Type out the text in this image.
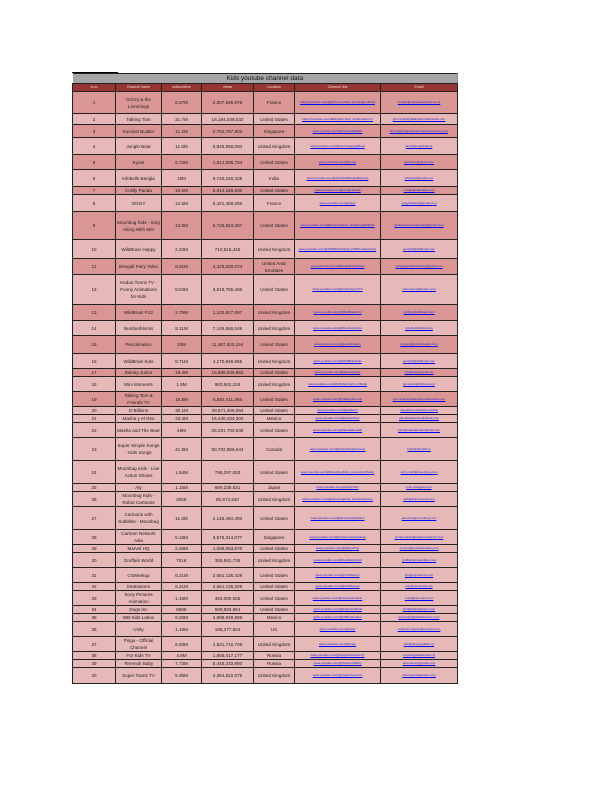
Kids youtube channel data						
s.no	Channel name	subscribers	views	Location	Channel link	Email
1	Grizzy & the Lemmings	8.37M	2,507,646,976	France	https://youtube.com/@grizzy-and-the-lemmings-official	contact@cartoonnetwork.co.uk
2	Talking Tom	31.7M	16,184,039,032	United States	https://youtube.com/talkingtom?sub_confirmation=1	john.smith@talkingtomandfriends.com
3	Survival Builder	11.2M	2,764,767,903	Singapore	www.youtube.com/@SurvivalBuilder	brutee@imageplusanimationacademy.com
4	Jungle Beat	11.6M	5,846,856,094	United Kingdom	www.youtube.com/@SunrisejungleBeat	jane@junglebeat.tv
5	Kyoot	5.74M	1,814,595,754	United States	www.youtube.com/@Kyoot	kyootpoc@gmail.com
6	Infobells Bangla	19M	9,740,240,425	India	www.youtube.com/@InfobellsBanglaRhymes	infobells@gmail.com
7	Crafty Panda	19.5M	5,812,226,830	United States	www.youtube.com/@CraftyPanda	info@pandacrafty.com
8	OGGY	12.5M	6,421,459,056	France	www.youtube.com/@oggy	oggyhawkins@gmail.com
9	Moonbug Kids - Sing Along With Me!	13.9M	5,725,843,357	United States	www.youtube.com/@MoonbugKids_SingAlongWithMe	thefunvaluecompanykb@gmail.com
10	WildBrain Happy	2.34M	710,516,445	United Kingdom	www.youtube.com/@WildBrainHappy 2.58M subscribers	contact@wildbrain.com
11	Bengali Fairy Tales	8.91M	4,425,530,074	United Arab Emirates	www.youtube.com/@BengaliFairyTales	wingsanimationstudio@gmail.com
12	Kedoo Toons TV - Funny Animations for Kids	8.04M	3,819,765,466	United States	www.youtube.com/@KedooToonsTV	supertoons@kedoo.com
13	WildBrain Fizz	2.79M	1,100,927,697	United Kingdom	www.youtube.com/@WildBrainFizz	hellfax@wildbrain.com
14	Numberblocks	8.11M	7,149,566,046	United Kingdom	www.youtube.com/@Numberblocks	info@alphablocks.tv
15	Pencilmation	20M	11,487,623,194	United States	www.youtube.com/@pencilmation	contact@pencilmation.com
16	WildBrain Kids	8.71M	4,170,949,855	United Kingdom	www.youtube.com/@WildBrainKids	contact@wildbrain.com
17	Disney Junior	19.4M	18,868,836,863	United States	www.youtube.com/@disneyjunior	info@disneyjunior.au
18	Mini Moments	1.9M	983,902,226	United Kingdom	www.youtube.com/@MiniMoments_Official	jan.ekren@nbcuni.com
19	Talking Tom & Friends TV	15.8M	6,692,411,366	United States	www.youtube.com/@TalkingFriends	john.smith@talkingtomandfriends.com
20	D Billions	30.1M	38,671,405,064	United States	www.youtube.com/@dbillions	says@forsmdbillions.global
21	Masha y el Oso	33.4M	16,430,434,300	Mexico	www.youtube.com/@MashaOso	info.tklatartantes@gmail.com
22	Masha and The Bear	48M	28,291,700,638	United States	www.youtube.com/@MashaBearEN	john@mashabearclothing.com
23	Super Simple Songs - Kids Songs	41.8M	50,702,956,644	Canada	www.youtube.com/@SuperSimpleSongs	hello@skyship.tv
24	Moonbug Kids - Live Action Shows	1.94M	795,297,093	United States	www.youtube.com/@MoonbugKids_LiveActionShows	john.smith@moonbug.com
25	Aty	1.15M	689,238,631	Japan	www.youtube.com/@AtyDTKD	john.doe@att.com
26	Moonbug Kids - Robot Cartoons	305K	80,672,640	United Kingdom	www.youtube.com/@MoonbugKids_RobotCartoons	info@animsmania.com
27	Cartoons with Subtitles - Moonbug	11.6M	2,146,484,493	United States	www.youtube.com/@MoonbugSubtitles	jane.doe@moonbug.com
28	Cartoon Network Asia	5.18M	3,576,314,077	Singapore	www.youtube.com/@cartoonnetworkasia	contact.apac@cartoonnetwork.com
29	Marvel HQ	2.26M	1,096,053,870	United States	www.youtube.com/@MarvelHQ	comms@marvelstudios.com
30	Gruffalo World	701K	365,581,735	United Kingdom	www.youtube.com/@GruffaloWorld	gruffalo@macmillan.com
31	CGMeetup	6.21M	2,651,135,329	United States	www.youtube.com/@CGMeetup	info@cgmeetup.com
32	Stratostorm	6.21M	2,651,135,329	United States	www.youtube.com/@CGMeetup	info@cgmeetup.net
33	Sony Pictures Animation	1.15M	484,090,555	United States	www.youtube.com/@Sonyanimation	cspa@spe.sony.com
34	Dogs Inc	959K	508,893,854	United States	www.youtube.com/@dogsincofficial	info@hadddogsinc.com
35	WB Kids Latino	6.26M	2,898,049,989	Mexico	www.youtube.com/@WBKidsLatino	johnsmith@wbkidsonline.com
36	Unity	1.18M	196,377,904	US	www.youtube.com/@unity	unityads-support@unity3d.com
37	Pingu - Official Channel	6.93M	2,821,716,709	United Kingdom	www.youtube.com/@Pingu	info@pinguenglish.my
38	For Kids TV	4.8M	1,856,417,177	Russia	www.youtube.com/@EnglishForKidsTV	contact@kidsanation.tv
39	Teremok Baby	7.73M	5,445,233,880	Russia	www.youtube.com/@TeremokBaby	teremok.ac@gmail.com
40	Super Toons TV	5.38M	2,354,622,075	United Kingdom	www.youtube.com/@SuperToonsTV	supertoons@kedoo.com
